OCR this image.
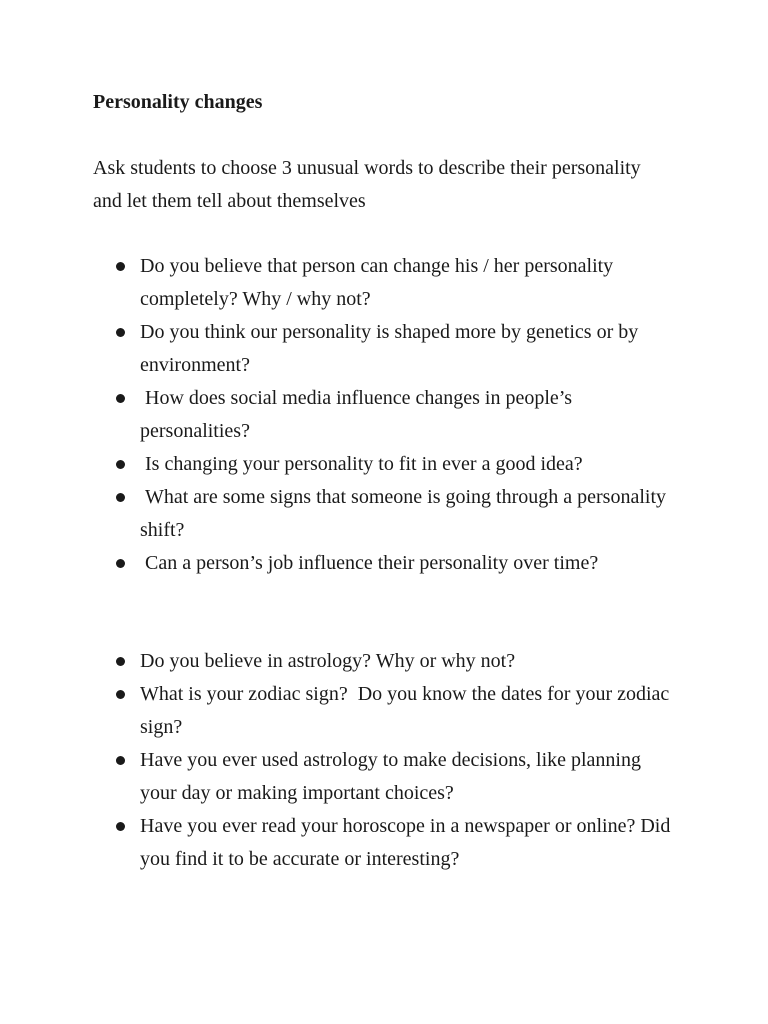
Personality changes

Ask students to choose 3 unusual words to describe their personality and let them tell about themselves

Do you believe that person can change his / her personality completely? Why / why not?
Do you think our personality is shaped more by genetics or by environment?
How does social media influence changes in people’s personalities?
Is changing your personality to fit in ever a good idea?
What are some signs that someone is going through a personality shift?
Can a person’s job influence their personality over time?
Do you believe in astrology? Why or why not?
What is your zodiac sign?  Do you know the dates for your zodiac sign?
Have you ever used astrology to make decisions, like planning your day or making important choices?
Have you ever read your horoscope in a newspaper or online? Did you find it to be accurate or interesting?
